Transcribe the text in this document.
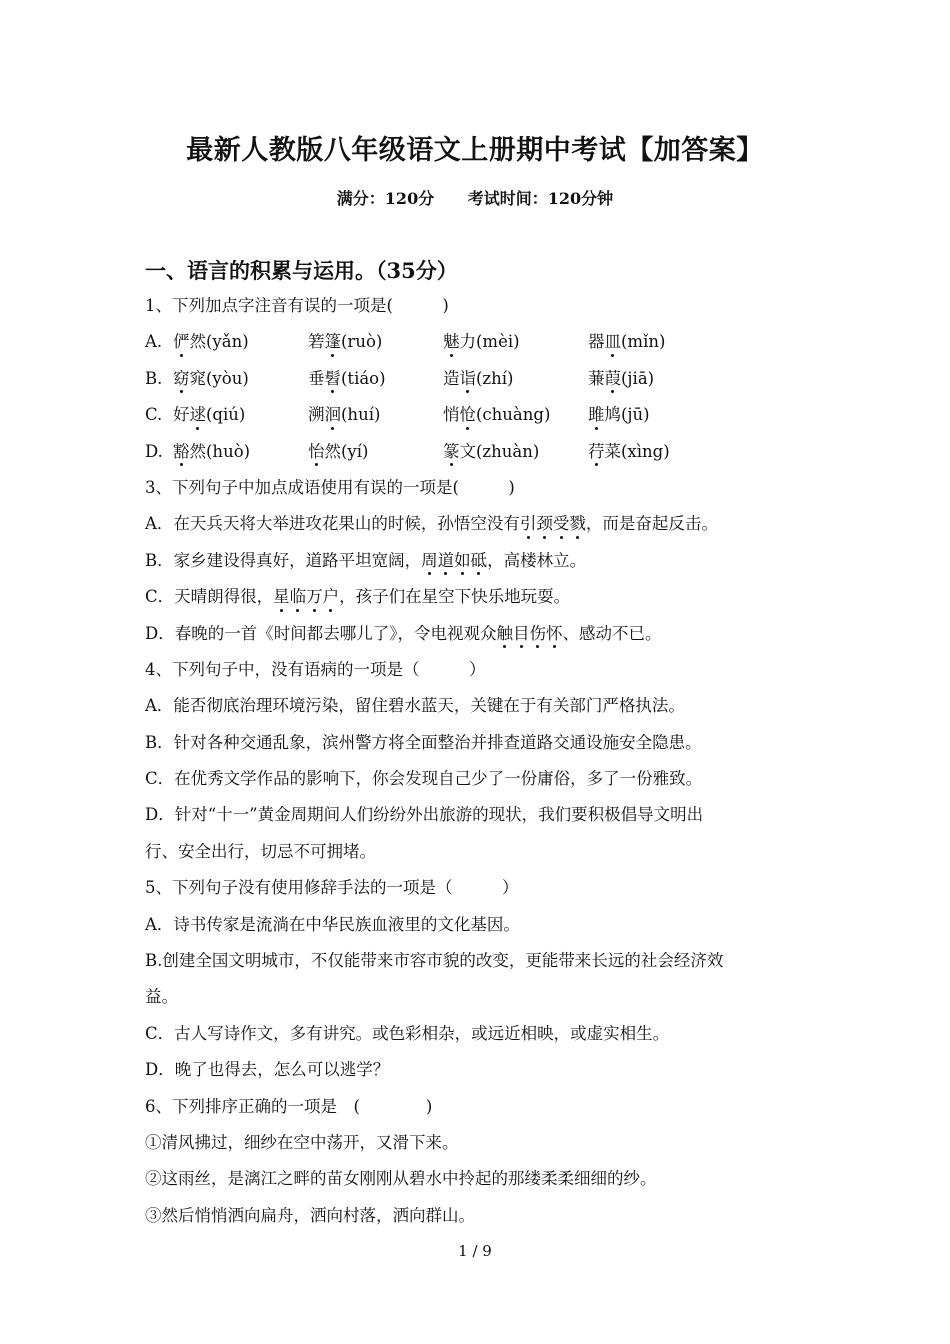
最新人教版八年级语文上册期中考试【加答案】
满分：120分 考试时间：120分钟
一、语言的积累与运用。（35分）
1、下列加点字注音有误的一项是(　　　)
A. 俨然(yǎn)	箬篷(ruò)	魅力(mèi)	器皿(mǐn)
B. 窈窕(yòu)	垂髫(tiáo)	造诣(zhí)	蒹葭(jiā)
C. 好逑(qiú)	溯洄(huí)	悄怆(chuàng)	雎鸠(jū)
D. 豁然(huò)	怡然(yí)	篆文(zhuàn)	荇菜(xìng)
3、下列句子中加点成语使用有误的一项是(　　　)
A．在天兵天将大举进攻花果山的时候，孙悟空没有引颈受戮，而是奋起反击。
B．家乡建设得真好，道路平坦宽阔，周道如砥，高楼林立。
C．天晴朗得很，星临万户，孩子们在星空下快乐地玩耍。
D．春晚的一首《时间都去哪儿了》，令电视观众触目伤怀、感动不已。
4、下列句子中，没有语病的一项是（　　　）
A．能否彻底治理环境污染，留住碧水蓝天，关键在于有关部门严格执法。
B．针对各种交通乱象，滨州警方将全面整治并排查道路交通设施安全隐患。
C．在优秀文学作品的影响下，你会发现自己少了一份庸俗，多了一份雅致。
D．针对“十一”黄金周期间人们纷纷外出旅游的现状，我们要积极倡导文明出
行、安全出行，切忌不可拥堵。
5、下列句子没有使用修辞手法的一项是（　　　）
A．诗书传家是流淌在中华民族血液里的文化基因。
B.创建全国文明城市，不仅能带来市容市貌的改变，更能带来长远的社会经济效
益。
C．古人写诗作文，多有讲究。或色彩相杂，或远近相映，或虚实相生。
D．晚了也得去，怎么可以逃学？
6、下列排序正确的一项是　(　　　　)
①清风拂过，细纱在空中荡开，又滑下来。
②这雨丝，是漓江之畔的苗女刚刚从碧水中拎起的那缕柔柔细细的纱。
③然后悄悄洒向扁舟，洒向村落，洒向群山。
1 / 9
